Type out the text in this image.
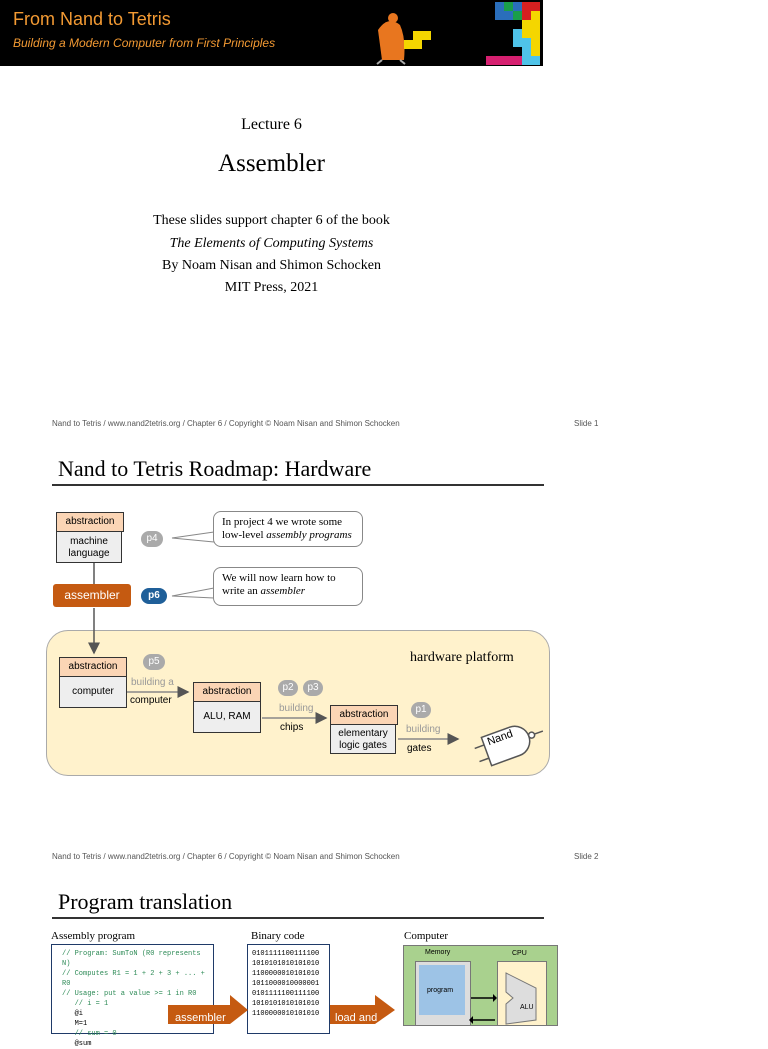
From Nand to Tetris
Building a Modern Computer from First Principles
Lecture 6
Assembler
These slides support chapter 6 of the book
The Elements of Computing Systems
By Noam Nisan and Shimon Schocken
MIT Press, 2021
Nand to Tetris / www.nand2tetris.org / Chapter 6 / Copyright © Noam Nisan and Shimon Schocken	Slide 1
Nand to Tetris Roadmap: Hardware
hardware platform
abstraction
machine
language
p4
In project 4 we wrote some
low-level assembly programs
assembler	p6
We will now learn how to
write an assembler
abstraction
computer
p5
building a
computer
abstraction
ALU, RAM
p2	p3
building
chips
abstraction
elementary
logic gates
p1
building
gates
Nand
Nand to Tetris / www.nand2tetris.org / Chapter 6 / Copyright © Noam Nisan and Shimon Schocken	Slide 2
Program translation
Assembly program	Binary code	Computer
// Program: SumToN (R0 represents N)
// Computes R1 = 1 + 2 + 3 + ... + R0
// Usage: put a value >= 1 in R0
// i = 1
@i
M=1
// sum = 0
@sum
0101111100111100
1010101010101010
1100000010101010
1011000010000001
0101111100111100
1010101010101010
1100000010101010
assembler	load and
Memory	CPU
program
ALU
